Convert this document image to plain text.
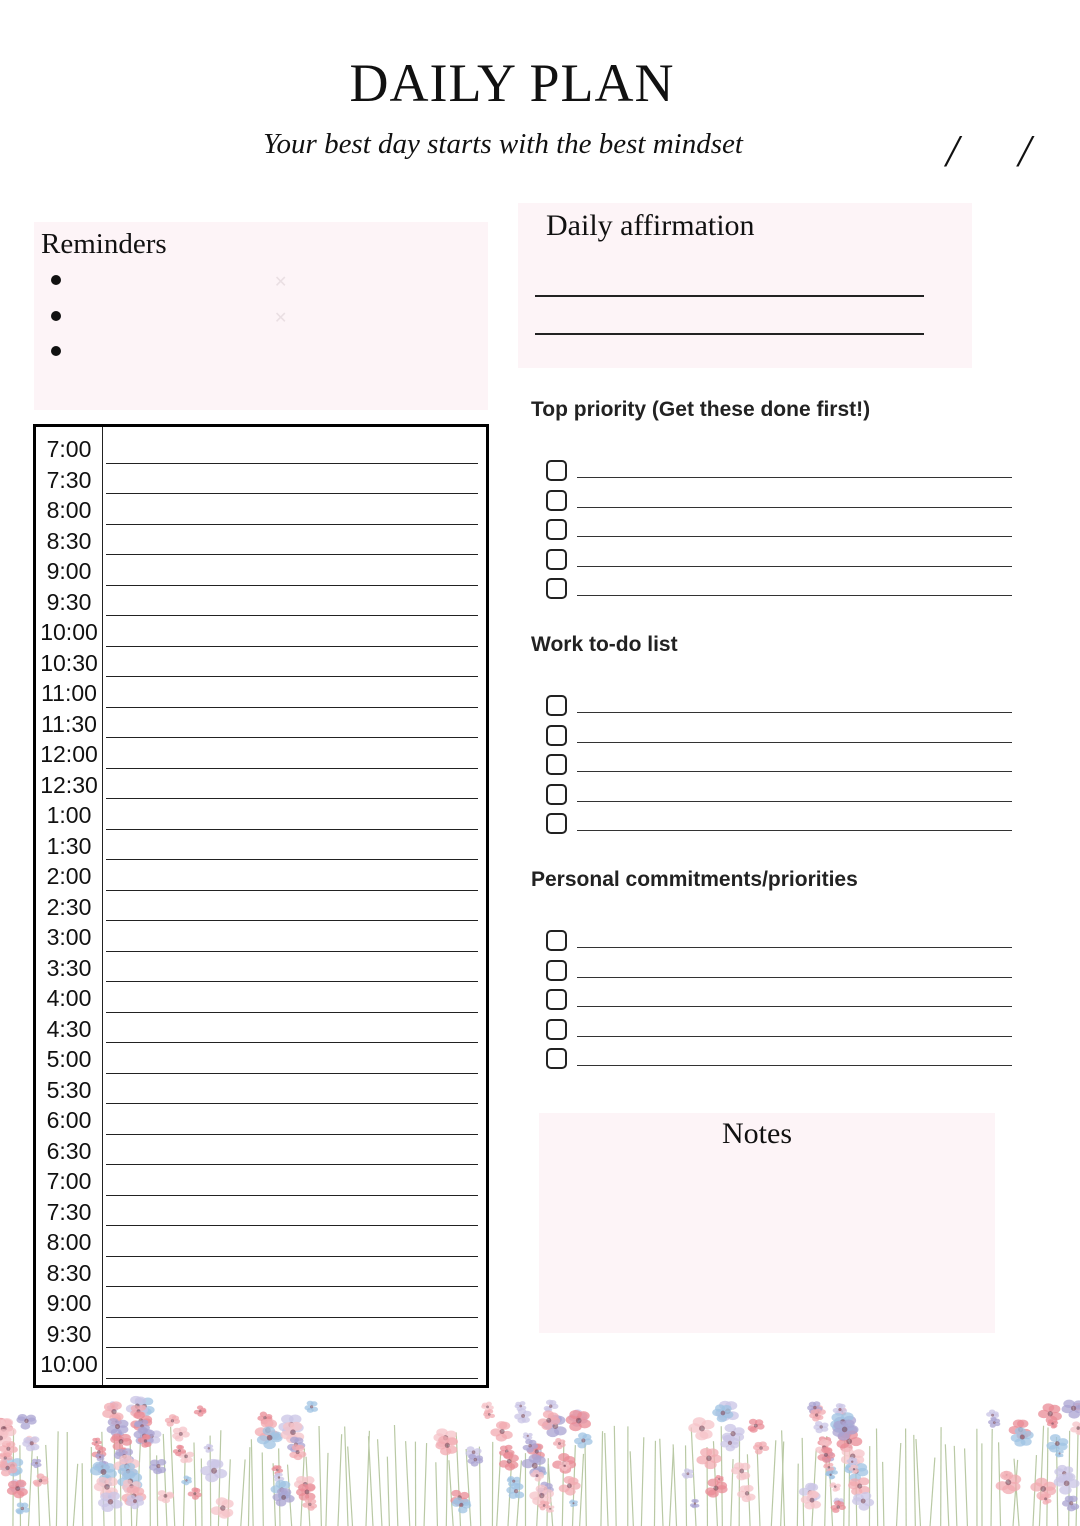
DAILY PLAN
Your best day starts with the best mindset	/ /
Reminders
✕
✕
Daily affirmation
7:00
7:30
8:00
8:30
9:00
9:30
10:00
10:30
11:00
11:30
12:00
12:30
1:00
1:30
2:00
2:30
3:00
3:30
4:00
4:30
5:00
5:30
6:00
6:30
7:00
7:30
8:00
8:30
9:00
9:30
10:00
Top priority (Get these done first!)
Work to-do list
Personal commitments/priorities
Notes
